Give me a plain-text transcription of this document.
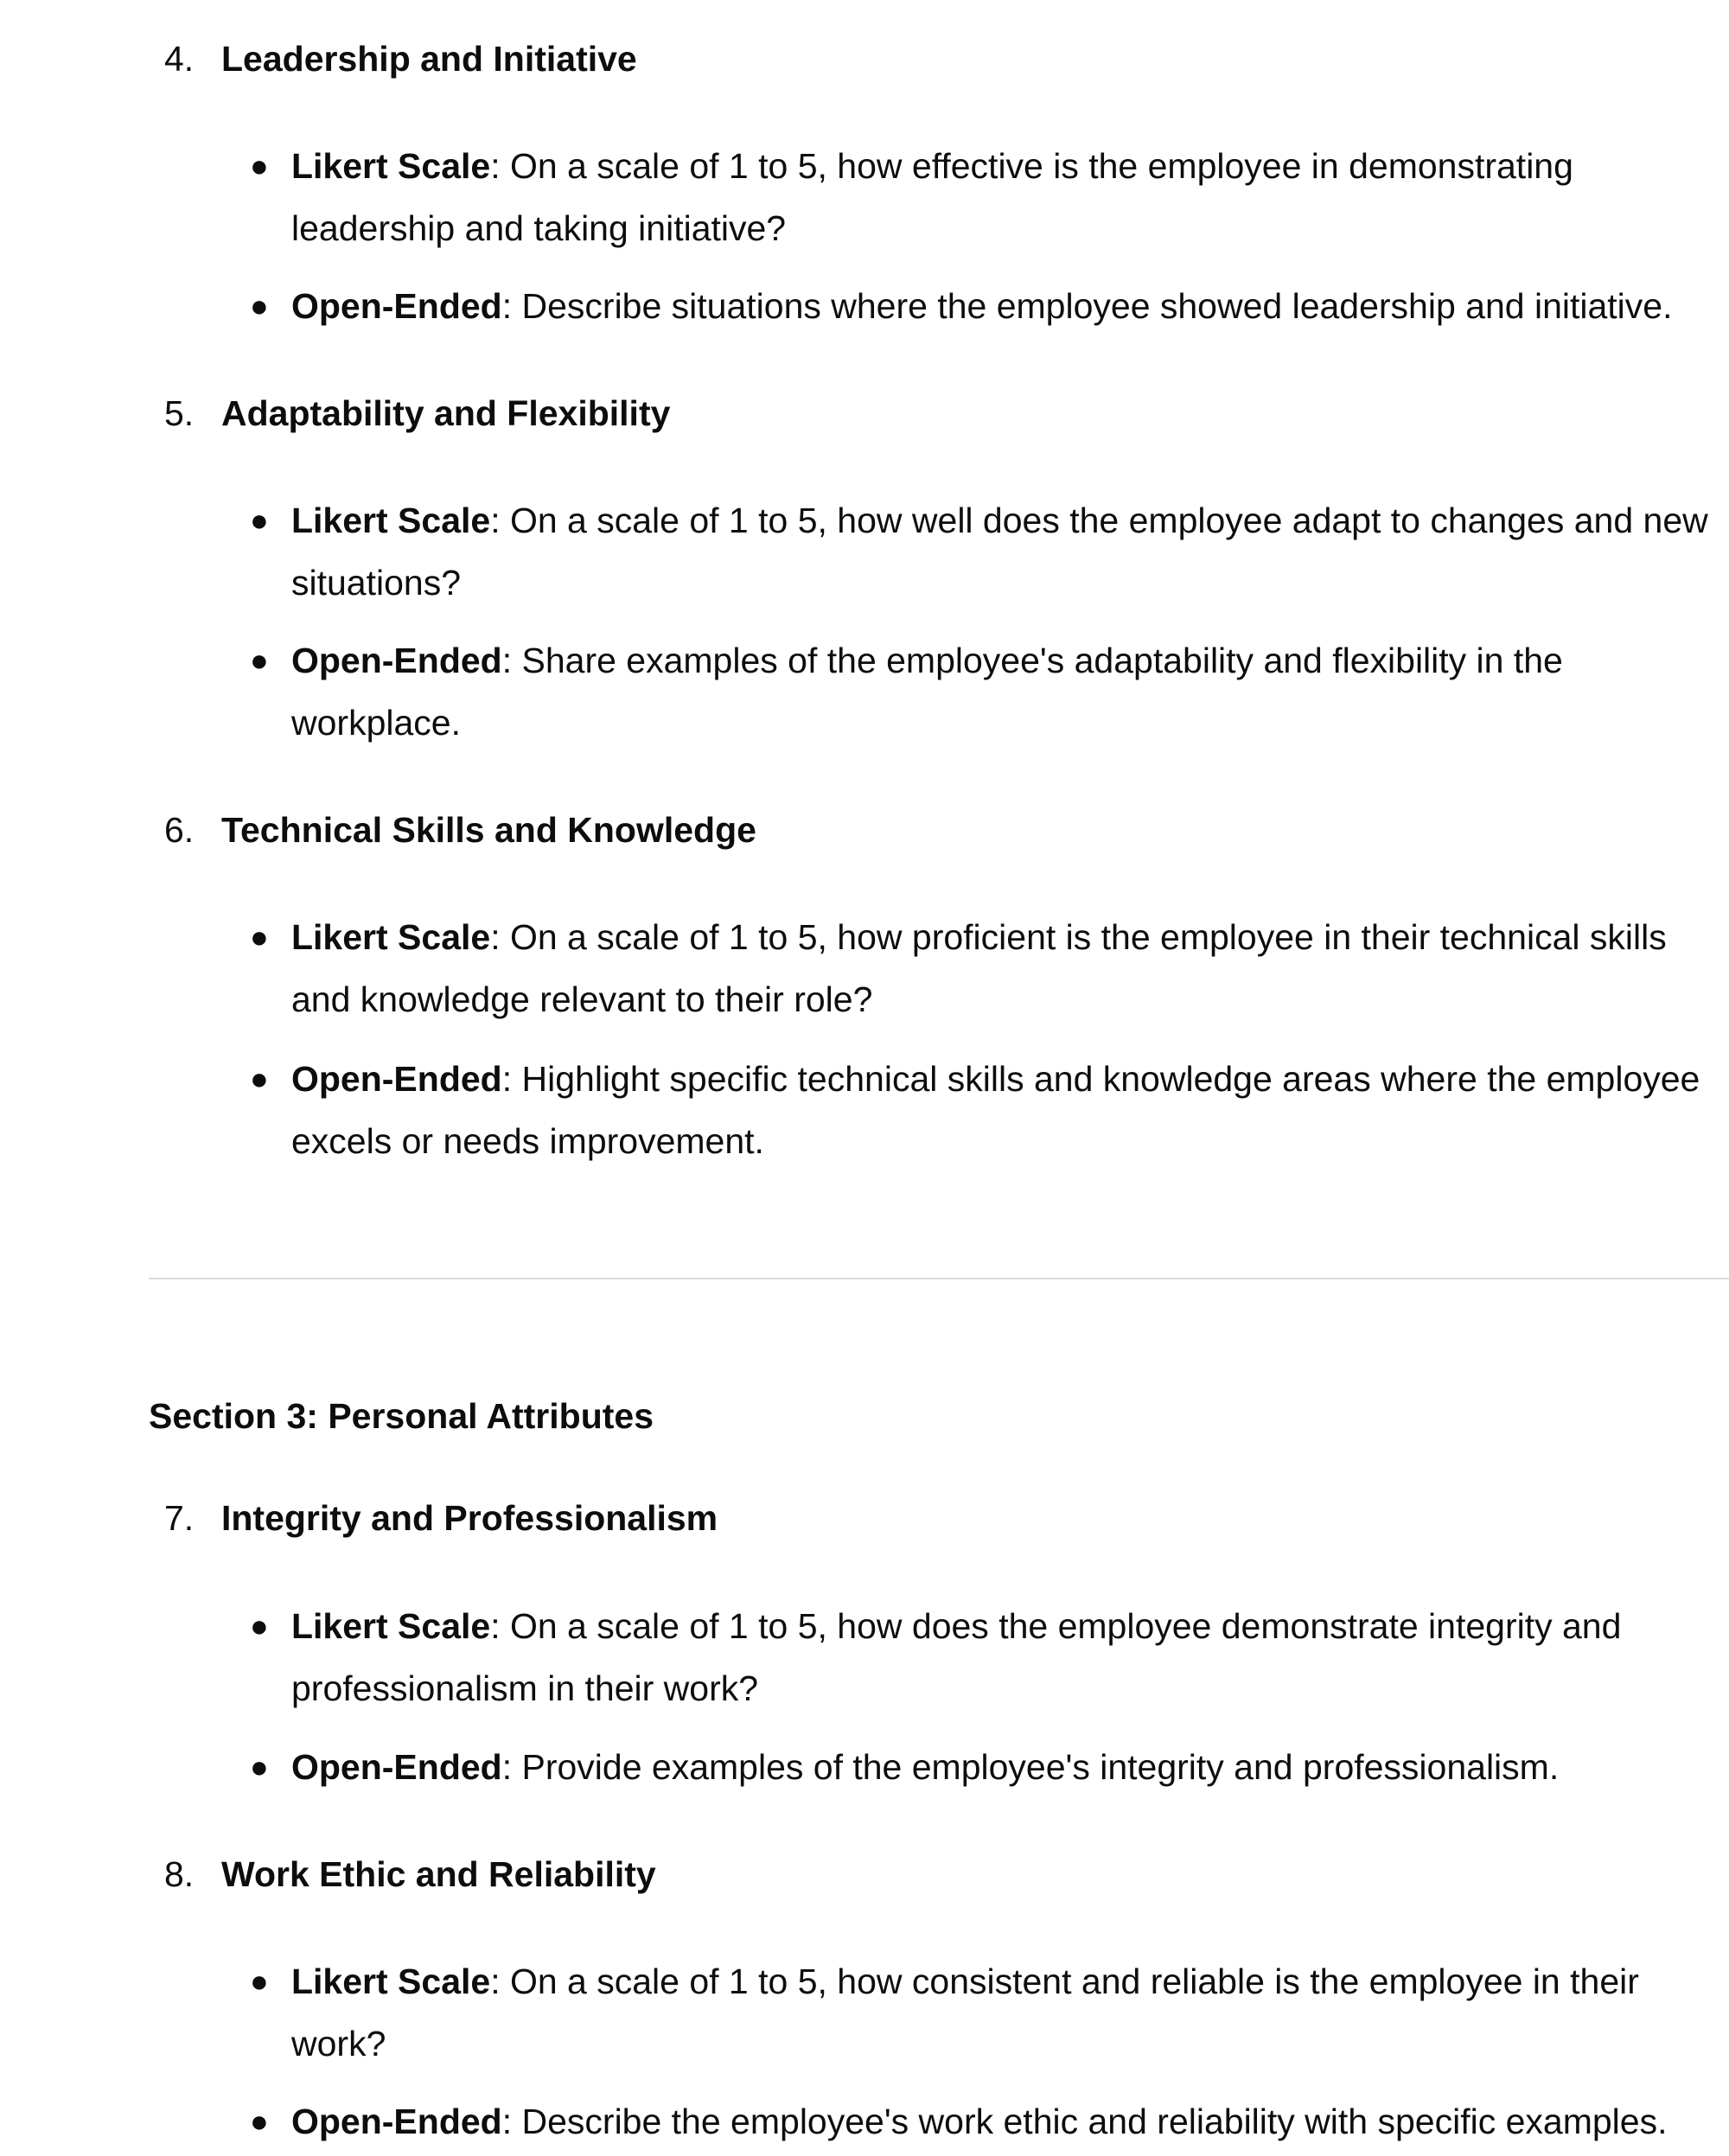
4. Leadership and Initiative
● Likert Scale: On a scale of 1 to 5, how effective is the employee in demonstrating leadership and taking initiative?
● Open-Ended: Describe situations where the employee showed leadership and initiative.
5. Adaptability and Flexibility
● Likert Scale: On a scale of 1 to 5, how well does the employee adapt to changes and new situations?
● Open-Ended: Share examples of the employee's adaptability and flexibility in the workplace.
6. Technical Skills and Knowledge
● Likert Scale: On a scale of 1 to 5, how proficient is the employee in their technical skills and knowledge relevant to their role?
● Open-Ended: Highlight specific technical skills and knowledge areas where the employee excels or needs improvement.
Section 3: Personal Attributes
7. Integrity and Professionalism
● Likert Scale: On a scale of 1 to 5, how does the employee demonstrate integrity and professionalism in their work?
● Open-Ended: Provide examples of the employee's integrity and professionalism.
8. Work Ethic and Reliability
● Likert Scale: On a scale of 1 to 5, how consistent and reliable is the employee in their work?
● Open-Ended: Describe the employee's work ethic and reliability with specific examples.
